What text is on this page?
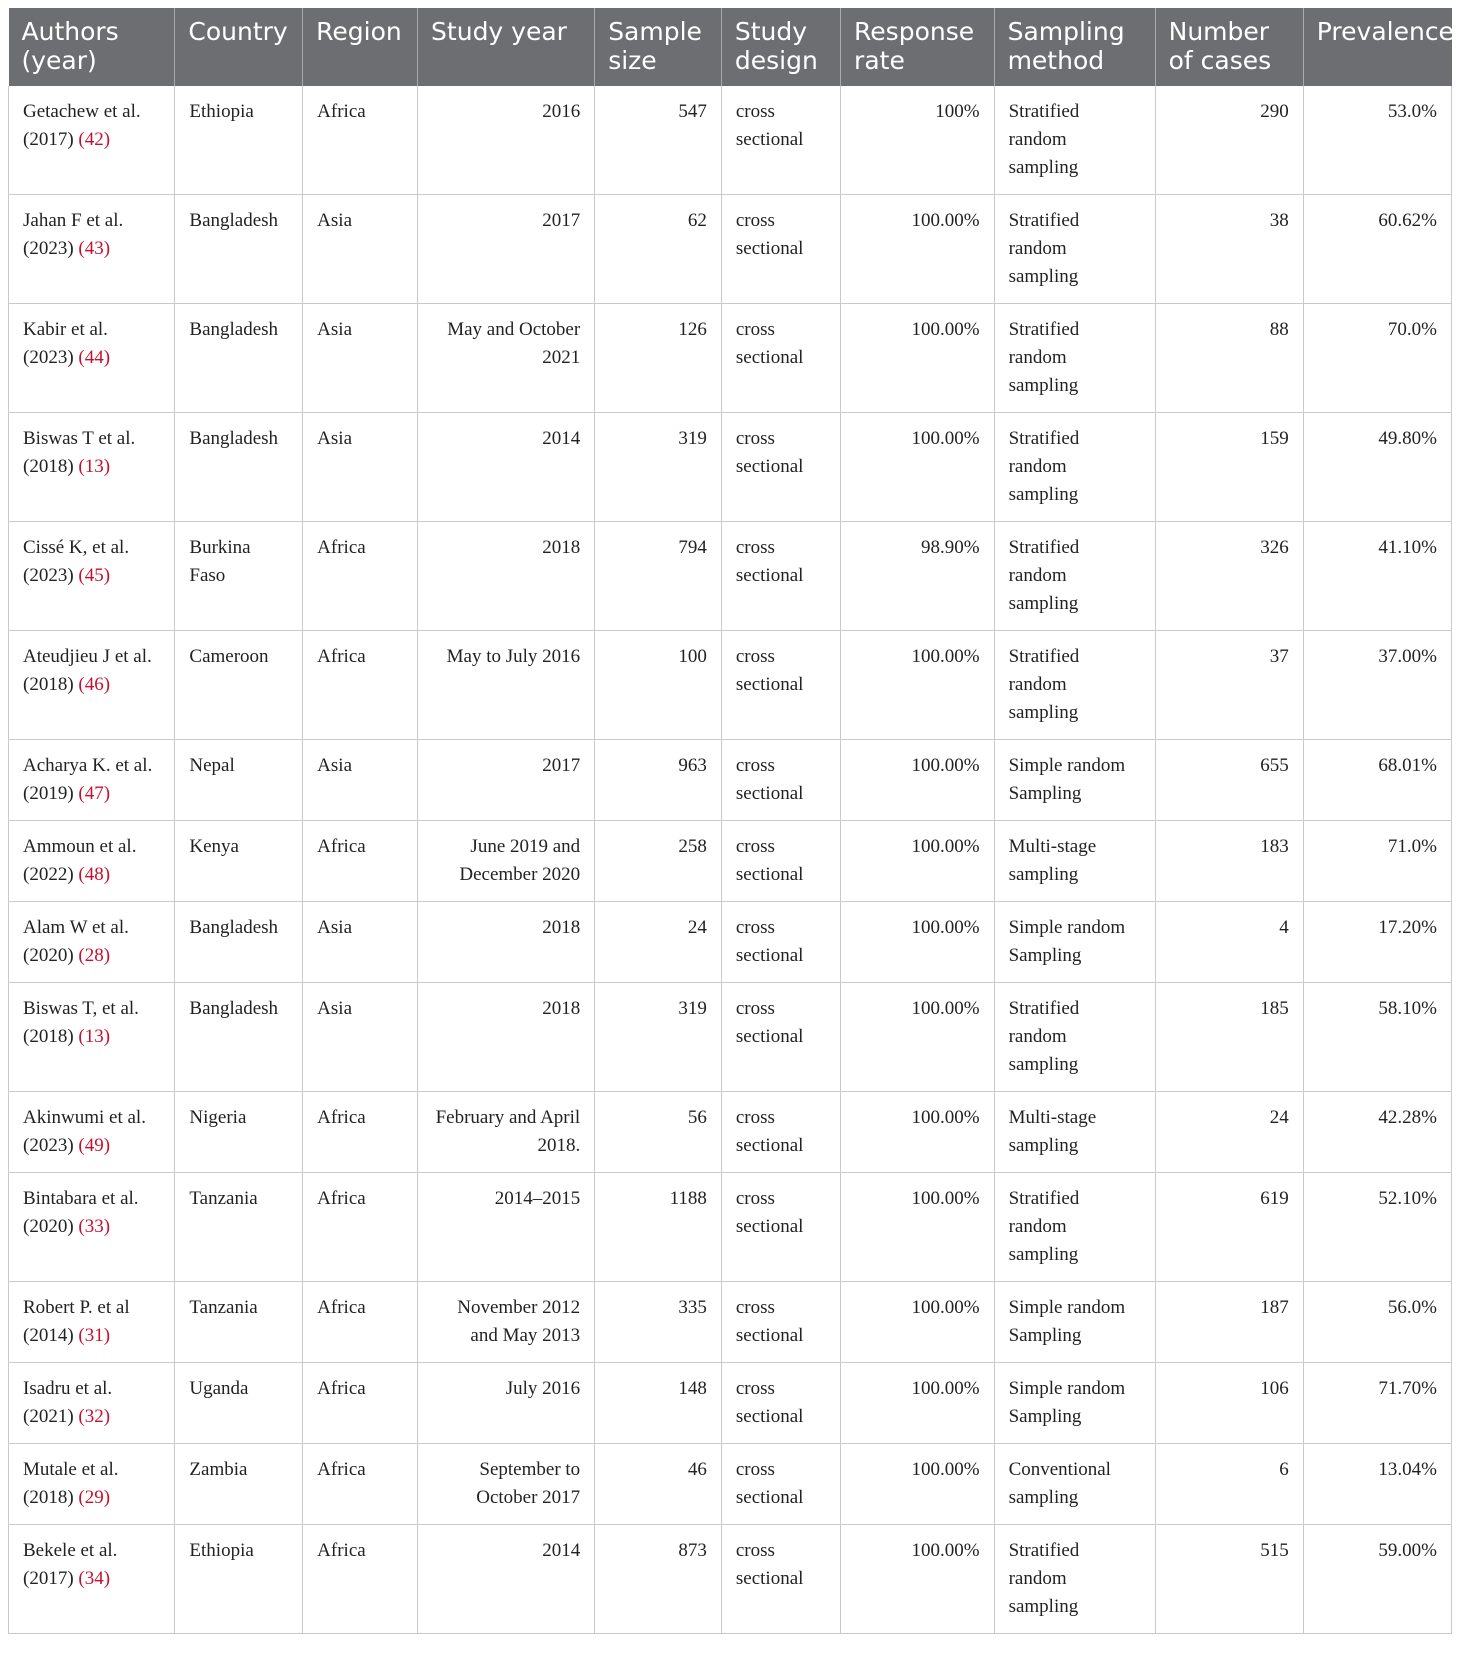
Authors (year)	Country	Region	Study year	Sample size	Study design	Response rate	Sampling method	Number of cases	Prevalence
Getachew et al. (2017) (42)	Ethiopia	Africa	2016	547	cross sectional	100%	Stratified random sampling	290	53.0%
Jahan F et al. (2023) (43)	Bangladesh	Asia	2017	62	cross sectional	100.00%	Stratified random sampling	38	60.62%
Kabir et al. (2023) (44)	Bangladesh	Asia	May and October 2021	126	cross sectional	100.00%	Stratified random sampling	88	70.0%
Biswas T et al. (2018) (13)	Bangladesh	Asia	2014	319	cross sectional	100.00%	Stratified random sampling	159	49.80%
Cissé K, et al. (2023) (45)	Burkina Faso	Africa	2018	794	cross sectional	98.90%	Stratified random sampling	326	41.10%
Ateudjieu J et al. (2018) (46)	Cameroon	Africa	May to July 2016	100	cross sectional	100.00%	Stratified random sampling	37	37.00%
Acharya K. et al. (2019) (47)	Nepal	Asia	2017	963	cross sectional	100.00%	Simple random Sampling	655	68.01%
Ammoun et al. (2022) (48)	Kenya	Africa	June 2019 and December 2020	258	cross sectional	100.00%	Multi-stage sampling	183	71.0%
Alam W et al. (2020) (28)	Bangladesh	Asia	2018	24	cross sectional	100.00%	Simple random Sampling	4	17.20%
Biswas T, et al. (2018) (13)	Bangladesh	Asia	2018	319	cross sectional	100.00%	Stratified random sampling	185	58.10%
Akinwumi et al. (2023) (49)	Nigeria	Africa	February and April 2018.	56	cross sectional	100.00%	Multi-stage sampling	24	42.28%
Bintabara et al. (2020) (33)	Tanzania	Africa	2014–2015	1188	cross sectional	100.00%	Stratified random sampling	619	52.10%
Robert P. et al (2014) (31)	Tanzania	Africa	November 2012 and May 2013	335	cross sectional	100.00%	Simple random Sampling	187	56.0%
Isadru et al. (2021) (32)	Uganda	Africa	July 2016	148	cross sectional	100.00%	Simple random Sampling	106	71.70%
Mutale et al. (2018) (29)	Zambia	Africa	September to October 2017	46	cross sectional	100.00%	Conventional sampling	6	13.04%
Bekele et al. (2017) (34)	Ethiopia	Africa	2014	873	cross sectional	100.00%	Stratified random sampling	515	59.00%
